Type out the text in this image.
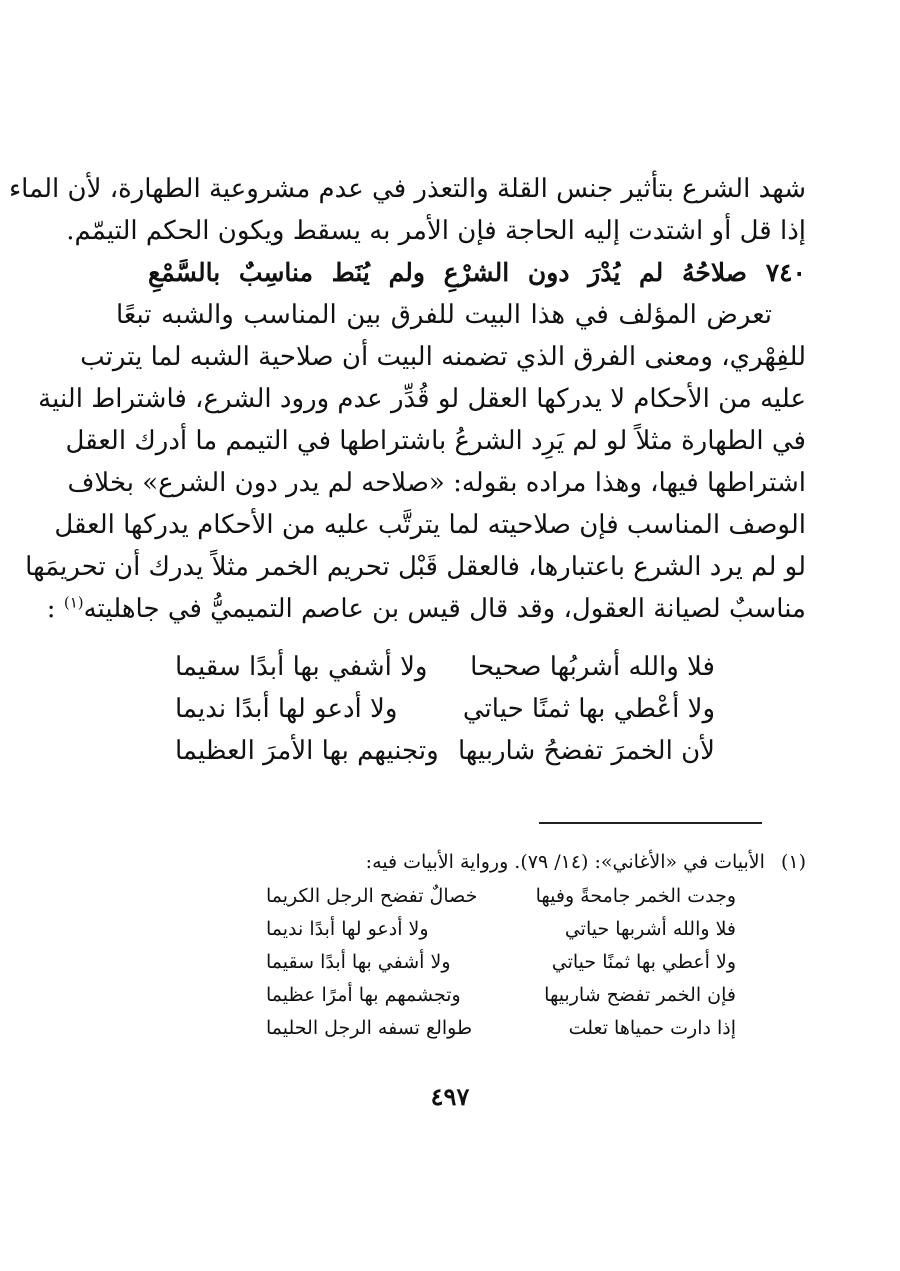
شهد الشرع بتأثير جنس القلة والتعذر في عدم مشروعية الطهارة، لأن الماء
إذا قل أو اشتدت إليه الحاجة فإن الأمر به يسقط ويكون الحكم التيمّم.
٧٤٠ صلاحُهُ لم يُدْرَ دون الشرْعِ ولم يُنَط مناسِبٌ بالسَّمْعِ
تعرض المؤلف في هذا البيت للفرق بين المناسب والشبه تبعًا
للفِهْري، ومعنى الفرق الذي تضمنه البيت أن صلاحية الشبه لما يترتب
عليه من الأحكام لا يدركها العقل لو قُدِّر عدم ورود الشرع، فاشتراط النية
في الطهارة مثلاً لو لم يَرِد الشرعُ باشتراطها في التيمم ما أدرك العقل
اشتراطها فيها، وهذا مراده بقوله: «صلاحه لم يدر دون الشرع» بخلاف
الوصف المناسب فإن صلاحيته لما يترتَّب عليه من الأحكام يدركها العقل
لو لم يرد الشرع باعتبارها، فالعقل قَبْل تحريم الخمر مثلاً يدرك أن تحريمَها
مناسبٌ لصيانة العقول، وقد قال قيس بن عاصم التميميُّ في جاهليته$^{(١)}$ :
فلا والله أشربُها صحيحا
ولا أشفي بها أبدًا سقيما
ولا أعْطي بها ثمنًا حياتي
ولا أدعو لها أبدًا نديما
لأن الخمرَ تفضحُ شاربيها
وتجنيهم بها الأمرَ العظيما
(١)الأبيات في «الأغاني»: (١٤/ ٧٩). ورواية الأبيات فيه:
وجدت الخمر جامحةً وفيها
خصالٌ تفضح الرجل الكريما
فلا والله أشربها حياتي
ولا أدعو لها أبدًا نديما
ولا أعطي بها ثمنًا حياتي
ولا أشفي بها أبدًا سقيما
فإن الخمر تفضح شاربيها
وتجشمهم بها أمرًا عظيما
إذا دارت حمياها تعلت
طوالع تسفه الرجل الحليما
٤٩٧
